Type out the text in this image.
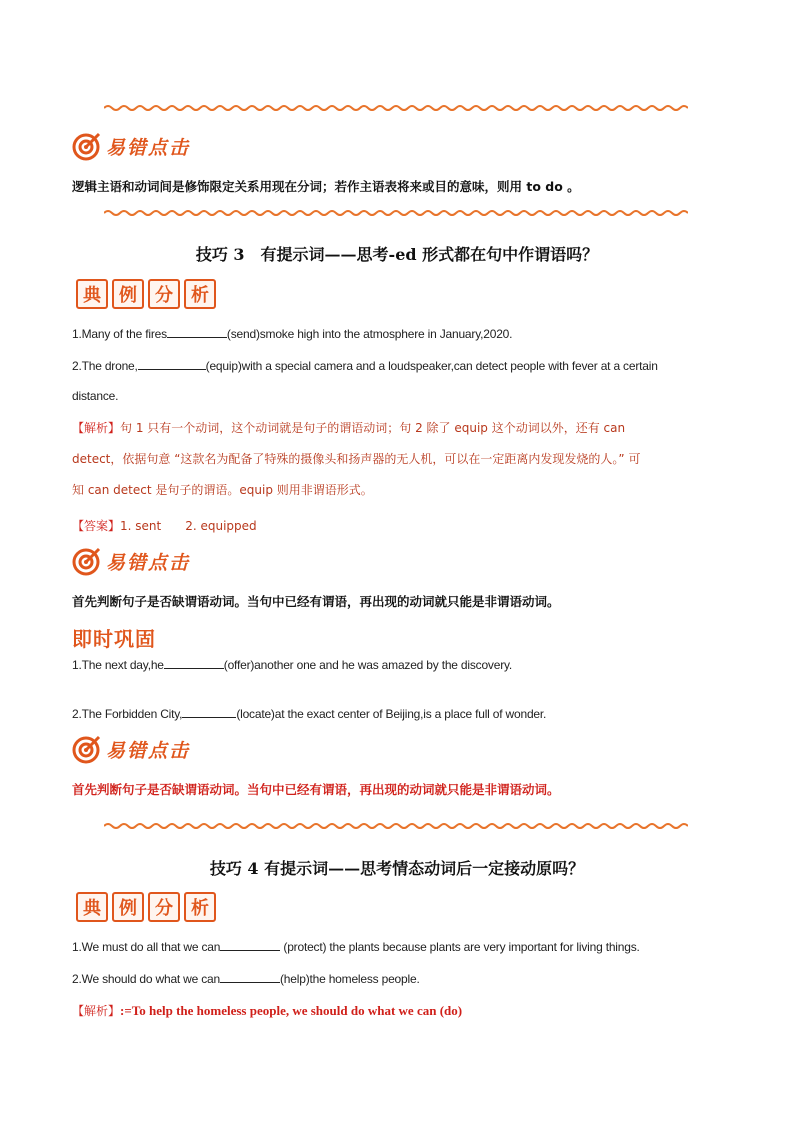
易错点击
逻辑主语和动词间是修饰限定关系用现在分词；若作主语表将来或目的意味，则用 to do 。
技巧 3　有提示词——思考-ed 形式都在句中作谓语吗？
典	例	分	析
1.Many of the fires	(send)smoke high into the atmosphere in January,2020.
2.The drone,	(equip)with a special camera and a loudspeaker,can detect people with fever at a certain
distance.
【解析】句 1 只有一个动词，这个动词就是句子的谓语动词；句 2 除了 equip 这个动词以外，还有 can
detect，依据句意 “这款名为配备了特殊的摄像头和扬声器的无人机，可以在一定距离内发现发烧的人。” 可
知 can detect 是句子的谓语。equip 则用非谓语形式。
【答案】1. sent　　2. equipped
易错点击
首先判断句子是否缺谓语动词。当句中已经有谓语，再出现的动词就只能是非谓语动词。
即时巩固
1.The next day,he	(offer)another one and he was amazed by the discovery.
2.The Forbidden City,	(locate)at the exact center of Beijing,is a place full of wonder.
易错点击
首先判断句子是否缺谓语动词。当句中已经有谓语，再出现的动词就只能是非谓语动词。
技巧 4 有提示词——思考情态动词后一定接动原吗？
典	例	分	析
1.We must do all that we can	(protect) the plants because plants are very important for living things.
2.We should do what we can	(help)the homeless people.
【解析】:=To help the homeless people, we should do what we can (do)
